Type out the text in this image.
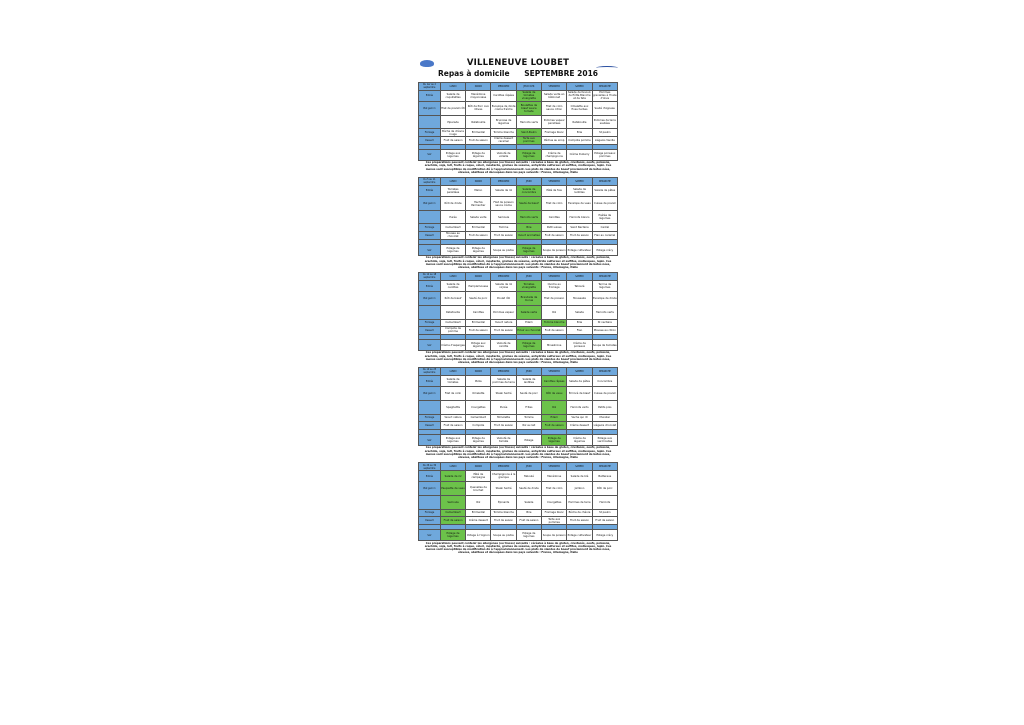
VILLENEUVE LOUBET
Repas à domicile SEPTEMBRE 2016
Du 1er au 2 septembre	LUNDI	MARDI	MERCREDI	JEUDI 1ER	VENDREDI	SAMEDI	DIMANCHE
Entrée	Salade de coquillettes	Macédoine mayonnaise	Carottes râpées	Salade de tomates vinaigrette	Salade verte en bâtonnet	Salade de fenouil, de flôtte Blanche et de feta	Pommes grenailles à l'huile d'olive
Plat garni 1	Filet de poulet rôti	Rôti de Porc Aux Olives	Escalope de dinde crème fraîche	Boulettes de bœuf sauce tomate	Filet de colin sauce citron	Omelette aux fines herbes	Sauté d'Agneau
	Piperade	Ratatouille	Brunoise de légumes	Haricots verts	Pommes vapeur persillées	Ratatouille	Pommes de terre sautées
Fromage	Bûche de chèvre rouge	Emmental	Tomme blanche	Saint-Paulin	Fromage blanc	Brie	St paulin
Dessert	Fruit de saison	Fruit de saison	Crème dessert caramel	Tarte aux pommes	Pêches au sirop	Compote pomme	Liégeois Vanille

Soir	Potage aux légumes	Potage de légumes	Velouté de volaille	Potage de légumes	Crème de champignons	Crème Dubarry	Potage poireaux pommes
Ces préparations peuvent contenir les allergènes (ou traces) suivants : céréales à base de gluten, crustacés, oeufs, poissons, arachide, soja, lait, fruits à coque, céleri, moutarde, graines de sésame, anhydride sulfureux et sulfites, mollusques, lupin. Ces menus sont susceptibles de modification dû à l'approvisionnement. Les plats de viandes de boeuf proviennent de bêtes nées, élevées, abattues et découpées dans les pays suivants : France, Allemagne, Italie
Du 5 au 11 septembre	LUNDI	MARDI	MERCREDI	JEUDI	VENDREDI	SAMEDI	DIMANCHE
Entrée	Tomates persillées	Melon	Salade de riz	Salade de concombre	Pâté de foie	Salade de lentilles	Salade de pâtes
Plat garni 1	Rôti de dinde	Hachis Parmentier	Filet de poisson sauce crème	Sauté de bœuf	Filet de colin	Escalope de veau	Cuisse de poulet
	Purée	Salade verte	Semoule	Haricots verts	Carottes	Haricots blancs	Poêlée de légumes
Fromage	Camembert	Emmental	Tomme	Brie	Petit suisse	Saint Nectaire	Cantal
Dessert	Mousse au chocolat	Fruit de saison	Fruit de saison	Yaourt aromatisé	Fruit de saison	Fruit de saison	Flan au caramel

Soir	Potage de légumes	Potage de légumes	Soupe au pistou	Potage de légumes	Soupe de poisson	Potage cultivateur	Potage crécy
Ces préparations peuvent contenir les allergènes (ou traces) suivants : céréales à base de gluten, crustacés, oeufs, poissons, arachide, soja, lait, fruits à coque, céleri, moutarde, graines de sésame, anhydride sulfureux et sulfites, mollusques, lupin. Ces menus sont susceptibles de modification dû à l'approvisionnement. Les plats de viandes de boeuf proviennent de bêtes nées, élevées, abattues et découpées dans les pays suivants : France, Allemagne, Italie
Du 12 au 18 septembre	LUNDI	MARDI	MERCREDI	JEUDI	VENDREDI	SAMEDI	DIMANCHE
Entrée	Salade de carottes	Pamplemousse	Salade de riz niçoise	Tomates vinaigrette	Quiche au fromage	Taboulé	Terrine de légumes
Plat garni 1	Rôti de bœuf	Sauté de porc	Poulet rôti	Brandade de morue	Filet de poisson	Moussaka	Escalope de dinde
	Ratatouille	Carottes	Pommes vapeur	Salade verte	Riz	Salade	Haricots verts
Fromage	Camembert	Emmental	Yaourt nature	Edam	Tomme blanche	Brie	St nectaire
Dessert	Compote de pomme	Fruit de saison	Fruit de saison	Eclair au chocolat	Fruit de saison	Flan	Mousse au citron

Soir	Crème d'asperges	Potage aux légumes	Velouté de carotte	Potage de légumes	Minestrone	Crème de poireaux	Soupe de tomates
Ces préparations peuvent contenir les allergènes (ou traces) suivants : céréales à base de gluten, crustacés, oeufs, poissons, arachide, soja, lait, fruits à coque, céleri, moutarde, graines de sésame, anhydride sulfureux et sulfites, mollusques, lupin. Ces menus sont susceptibles de modification dû à l'approvisionnement. Les plats de viandes de boeuf proviennent de bêtes nées, élevées, abattues et découpées dans les pays suivants : France, Allemagne, Italie
Du 19 au 25 septembre	LUNDI	MARDI	MERCREDI	JEUDI	VENDREDI	SAMEDI	DIMANCHE
Entrée	Salade de tomates	Pizza	Salade de pommes de terre	Salade de lentilles	Carottes râpées	Salade de pâtes	Concombre
Plat garni 1	Filet de colin	Omelette	Steak haché	Sauté de porc	Rôti de veau	Émincé de bœuf	Cuisse de poulet
	Spaghettis	Courgettes	Purée	Frites	Riz	Haricots verts	Petits pois
Fromage	Yaourt nature	Camembert	Mimolette	Tomme	Edam	Vache qui rit	Munster
Dessert	Fruit de saison	Compote	Fruit de saison	Riz au lait	Fruit de saison	Crème dessert	Liégeois chocolat

Soir	Potage aux légumes	Potage de légumes	Velouté de tomate	Potage	Potage de légumes	Crème de légumes	Potage aux vermicelles
Ces préparations peuvent contenir les allergènes (ou traces) suivants : céréales à base de gluten, crustacés, oeufs, poissons, arachide, soja, lait, fruits à coque, céleri, moutarde, graines de sésame, anhydride sulfureux et sulfites, mollusques, lupin. Ces menus sont susceptibles de modification dû à l'approvisionnement. Les plats de viandes de boeuf proviennent de bêtes nées, élevées, abattues et découpées dans les pays suivants : France, Allemagne, Italie
Du 26 au 30 septembre	LUNDI	MARDI	MERCREDI	JEUDI	VENDREDI	SAMEDI	DIMANCHE
Entrée	Salade de riz	Pâté de campagne	Champignons à la grecque	Taboulé	Macédoine	Salade de blé	Betterave
Plat garni 1	Paupiette de veau	Quenelles de brochet	Steak haché	Sauté de dinde	Filet de colin	Jambon	Rôti de porc
	Semoule	Riz	Épinards	Salade	Courgettes	Pommes de terre	Haricots
Fromage	Camembert	Emmental	Tomme blanche	Brie	Fromage blanc	Bûche de chèvre	St paulin
Dessert	Fruit de saison	Crème dessert	Fruit de saison	Fruit de saison	Tarte aux pommes	Fruit de saison	Fruit de saison

Soir	Potage de légumes	Potage à l'oignon	Soupe au pistou	Potage de légumes	Soupe de poisson	Potage cultivateur	Potage crécy
Ces préparations peuvent contenir les allergènes (ou traces) suivants : céréales à base de gluten, crustacés, oeufs, poissons, arachide, soja, lait, fruits à coque, céleri, moutarde, graines de sésame, anhydride sulfureux et sulfites, mollusques, lupin. Ces menus sont susceptibles de modification dû à l'approvisionnement. Les plats de viandes de boeuf proviennent de bêtes nées, élevées, abattues et découpées dans les pays suivants : France, Allemagne, Italie
